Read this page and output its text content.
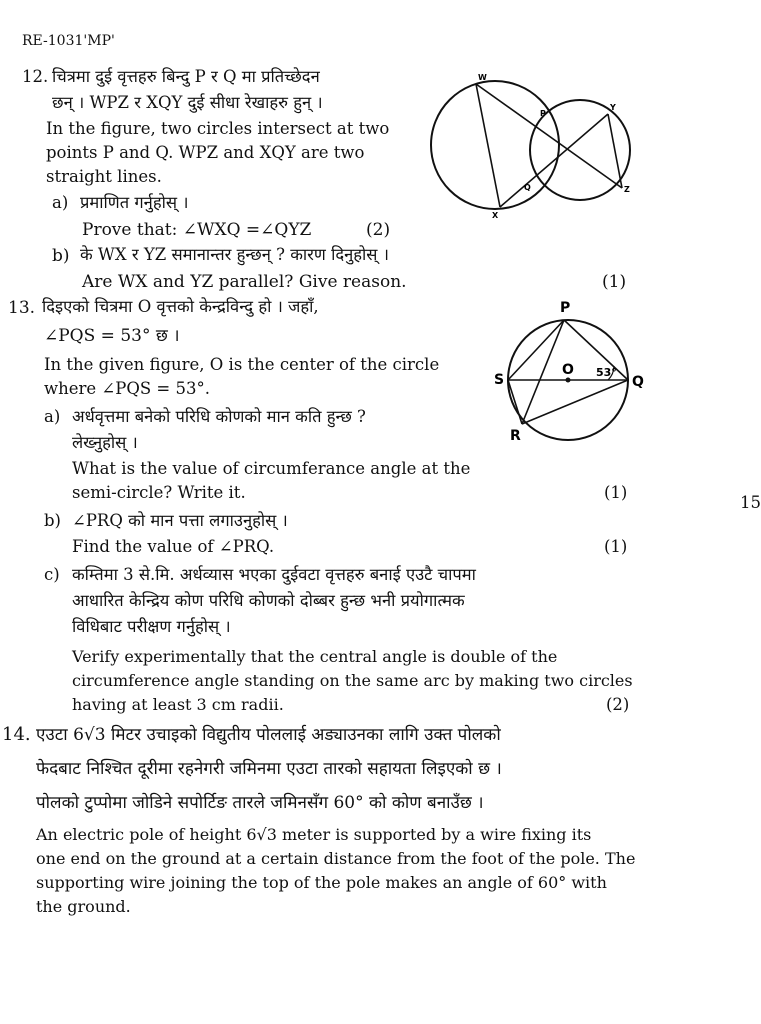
RE-1031'MP'
12. चित्रमा दुई वृत्तहरु बिन्दु P र Q मा प्रतिच्छेदन
छन् । WPZ र XQY दुई सीधा रेखाहरु हुन् ।
In the figure, two circles intersect at two
points P and Q. WPZ and XQY are two
straight lines.
a) प्रमाणित गर्नुहोस् ।
Prove that: ∠WXQ =∠QYZ	(2)
b) के WX र YZ समानान्तर हुन्छन् ? कारण दिनुहोस् ।
Are WX and YZ parallel? Give reason.	(1)
W
X
Y
Z
P
Q
13. दिइएको चित्रमा O वृत्तको केन्द्रविन्दु हो । जहाँ,
∠PQS = 53° छ ।
In the given figure, O is the center of the circle
where ∠PQS = 53°.
a) अर्धवृत्तमा बनेको परिधि कोणको मान कति हुन्छ ?
लेख्नुहोस् ।
What is the value of circumferance angle at the
semi-circle? Write it.	(1)
b) ∠PRQ को मान पत्ता लगाउनुहोस् ।
Find the value of ∠PRQ.	(1)
c) कम्तिमा 3 से.मि. अर्धव्यास भएका दुईवटा वृत्तहरु बनाई एउटै चापमा
आधारित केन्द्रिय कोण परिधि कोणको दोब्बर हुन्छ भनी प्रयोगात्मक
विधिबाट परीक्षण गर्नुहोस् ।
Verify experimentally that the central angle is double of the
circumference angle standing on the same arc by making two circles
having at least 3 cm radii.	(2)
P
O
S	Q
R
53°
15
14. एउटा 6√3 मिटर उचाइको विद्युतीय पोललाई अड्याउनका लागि उक्त पोलको
फेदबाट निश्चित दूरीमा रहनेगरी जमिनमा एउटा तारको सहायता लिइएको छ ।
पोलको टुप्पोमा जोडिने सपोर्टिङ तारले जमिनसँग 60° को कोण बनाउँछ ।
An electric pole of height 6√3 meter is supported by a wire fixing its
one end on the ground at a certain distance from the foot of the pole. The
supporting wire joining the top of the pole makes an angle of 60° with
the ground.
